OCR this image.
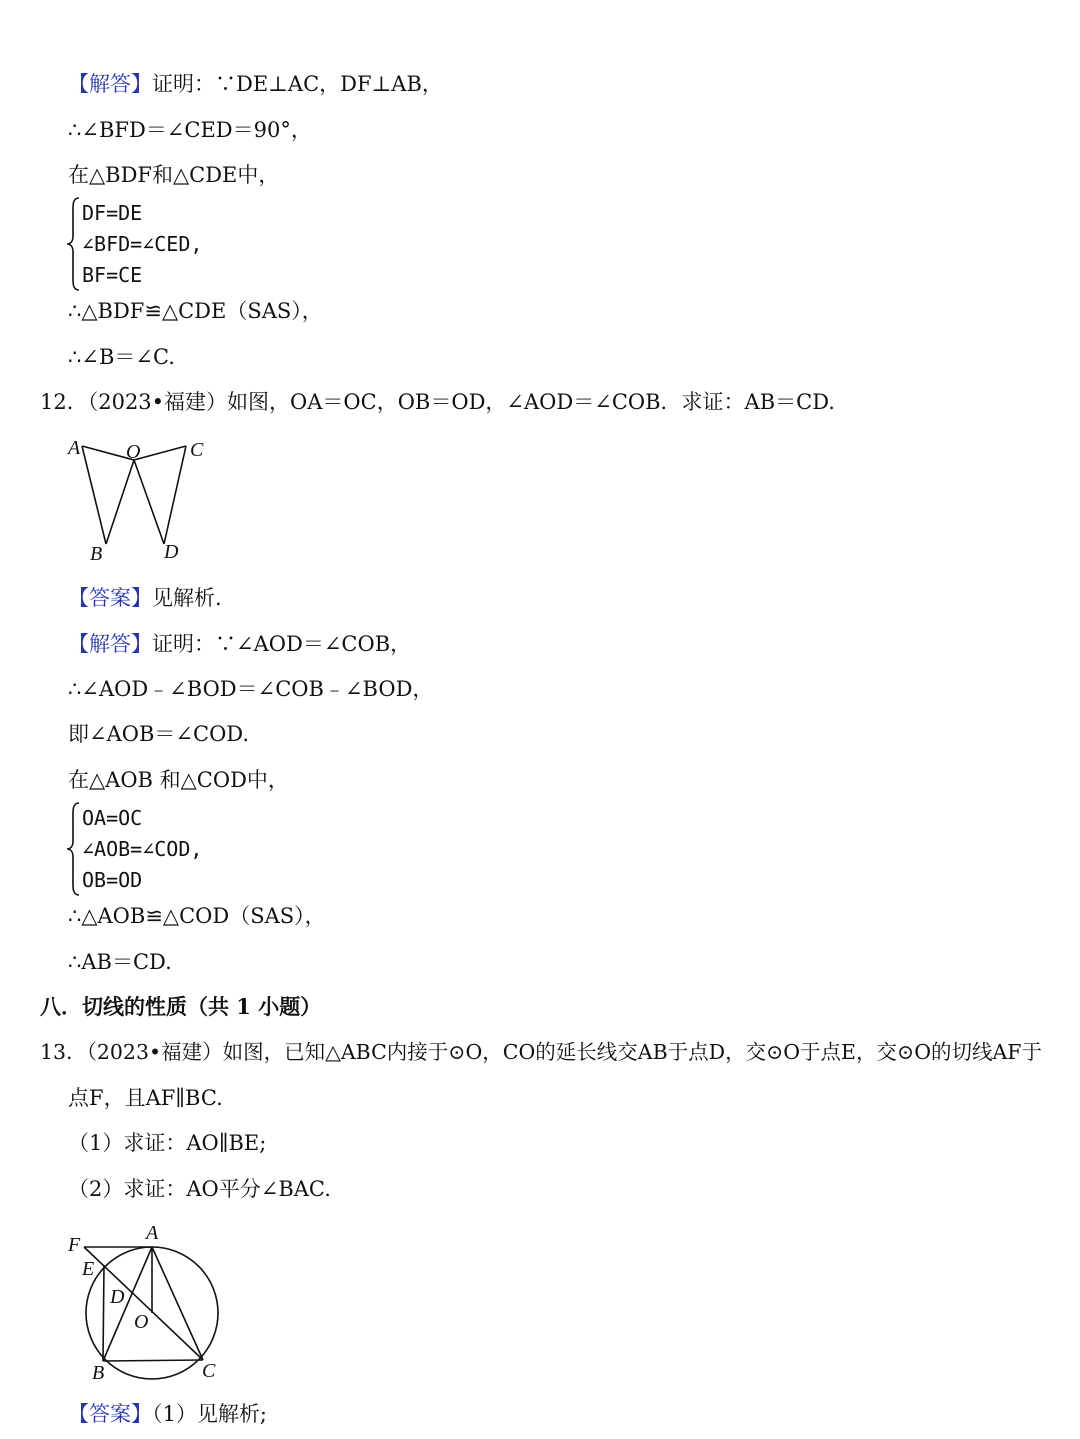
【解答】证明：∵DE⊥AC，DF⊥AB，
∴∠BFD＝∠CED＝90°，
在△BDF和△CDE中，
DF=DE
∠BFD=∠CED,
BF=CE
∴△BDF≌△CDE（SAS），
∴∠B＝∠C.
12．（2023•福建）如图，OA＝OC，OB＝OD，∠AOD＝∠COB．求证：AB＝CD.
A O C
B	D
【答案】见解析.
【解答】证明：∵∠AOD＝∠COB，
∴∠AOD﹣∠BOD＝∠COB﹣∠BOD，
即∠AOB＝∠COD.
在△AOB 和△COD中，
OA=OC
∠AOB=∠COD,
OB=OD
∴△AOB≌△COD（SAS），
∴AB＝CD.
八．切线的性质（共 1 小题）
13．（2023•福建）如图，已知△ABC内接于⊙O，CO的延长线交AB于点D，交⊙O于点E，交⊙O的切线AF于
点F，且AF∥BC.
（1）求证：AO∥BE;
（2）求证：AO平分∠BAC.
F
A
E
D
O
B	C
【答案】（1）见解析;
